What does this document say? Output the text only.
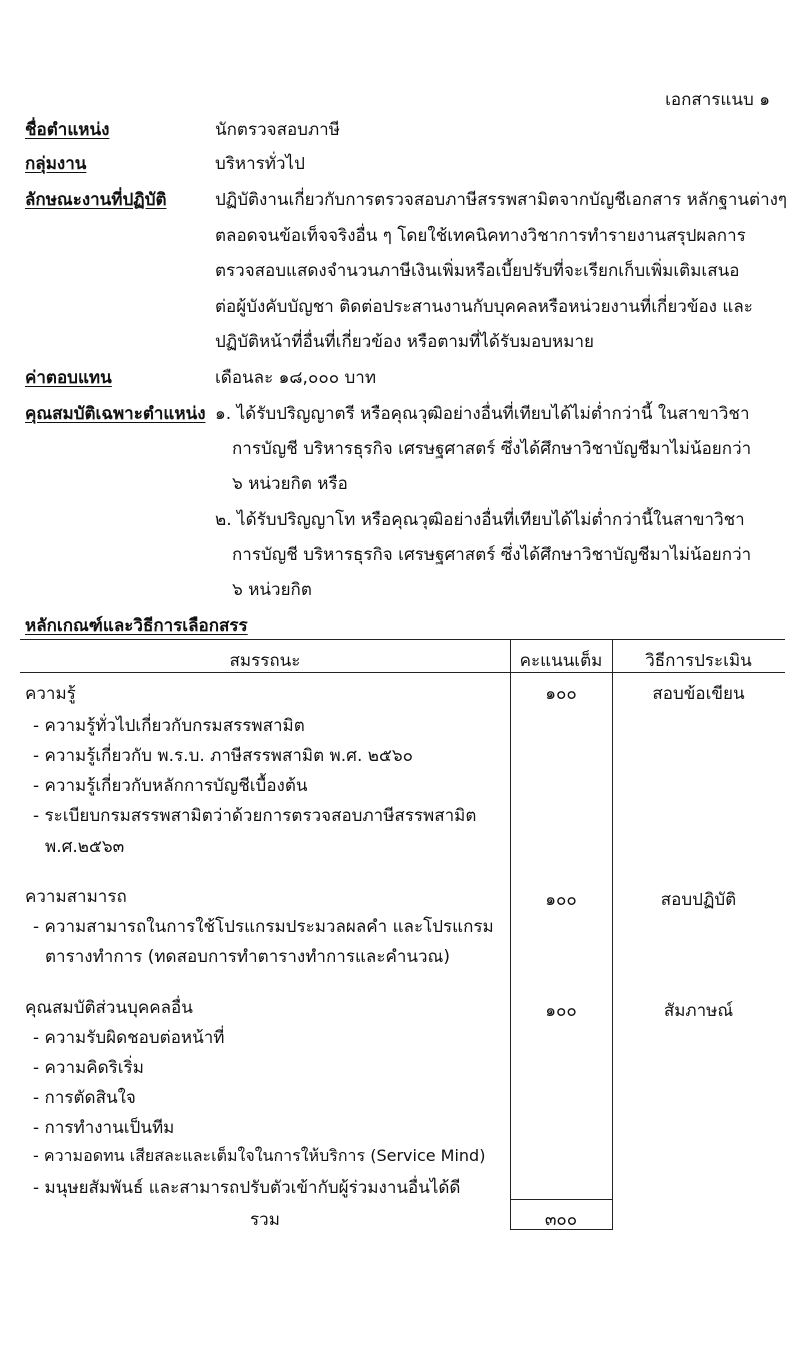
เอกสารแนบ ๑
ชื่อตำแหน่ง	นักตรวจสอบภาษี
กลุ่มงาน	บริหารทั่วไป
ลักษณะงานที่ปฏิบัติ	ปฏิบัติงานเกี่ยวกับการตรวจสอบภาษีสรรพสามิตจากบัญชีเอกสาร หลักฐานต่างๆ
ตลอดจนข้อเท็จจริงอื่น ๆ โดยใช้เทคนิคทางวิชาการทำรายงานสรุปผลการ
ตรวจสอบแสดงจำนวนภาษีเงินเพิ่มหรือเบี้ยปรับที่จะเรียกเก็บเพิ่มเติมเสนอ
ต่อผู้บังคับบัญชา ติดต่อประสานงานกับบุคคลหรือหน่วยงานที่เกี่ยวข้อง และ
ปฏิบัติหน้าที่อื่นที่เกี่ยวข้อง หรือตามที่ได้รับมอบหมาย
ค่าตอบแทน	เดือนละ ๑๘,๐๐๐ บาท
คุณสมบัติเฉพาะตำแหน่ง ๑. ได้รับปริญญาตรี หรือคุณวุฒิอย่างอื่นที่เทียบได้ไม่ต่ำกว่านี้ ในสาขาวิชา
การบัญชี บริหารธุรกิจ เศรษฐศาสตร์ ซึ่งได้ศึกษาวิชาบัญชีมาไม่น้อยกว่า
๖ หน่วยกิต หรือ
๒. ได้รับปริญญาโท หรือคุณวุฒิอย่างอื่นที่เทียบได้ไม่ต่ำกว่านี้ในสาขาวิชา
การบัญชี บริหารธุรกิจ เศรษฐศาสตร์ ซึ่งได้ศึกษาวิชาบัญชีมาไม่น้อยกว่า
๖ หน่วยกิต
หลักเกณฑ์และวิธีการเลือกสรร
สมรรถนะ	คะแนนเต็ม	วิธีการประเมิน
ความรู้	๑๐๐	สอบข้อเขียน
- ความรู้ทั่วไปเกี่ยวกับกรมสรรพสามิต
- ความรู้เกี่ยวกับ พ.ร.บ. ภาษีสรรพสามิต พ.ศ. ๒๕๖๐
- ความรู้เกี่ยวกับหลักการบัญชีเบื้องต้น
- ระเบียบกรมสรรพสามิตว่าด้วยการตรวจสอบภาษีสรรพสามิต
พ.ศ.๒๕๖๓
ความสามารถ	๑๐๐	สอบปฏิบัติ
- ความสามารถในการใช้โปรแกรมประมวลผลคำ และโปรแกรม
ตารางทำการ (ทดสอบการทำตารางทำการและคำนวณ)
คุณสมบัติส่วนบุคคลอื่น	๑๐๐	สัมภาษณ์
- ความรับผิดชอบต่อหน้าที่
- ความคิดริเริ่ม
- การตัดสินใจ
- การทำงานเป็นทีม
- ความอดทน เสียสละและเต็มใจในการให้บริการ (Service Mind)
- มนุษยสัมพันธ์ และสามารถปรับตัวเข้ากับผู้ร่วมงานอื่นได้ดี
รวม	๓๐๐
